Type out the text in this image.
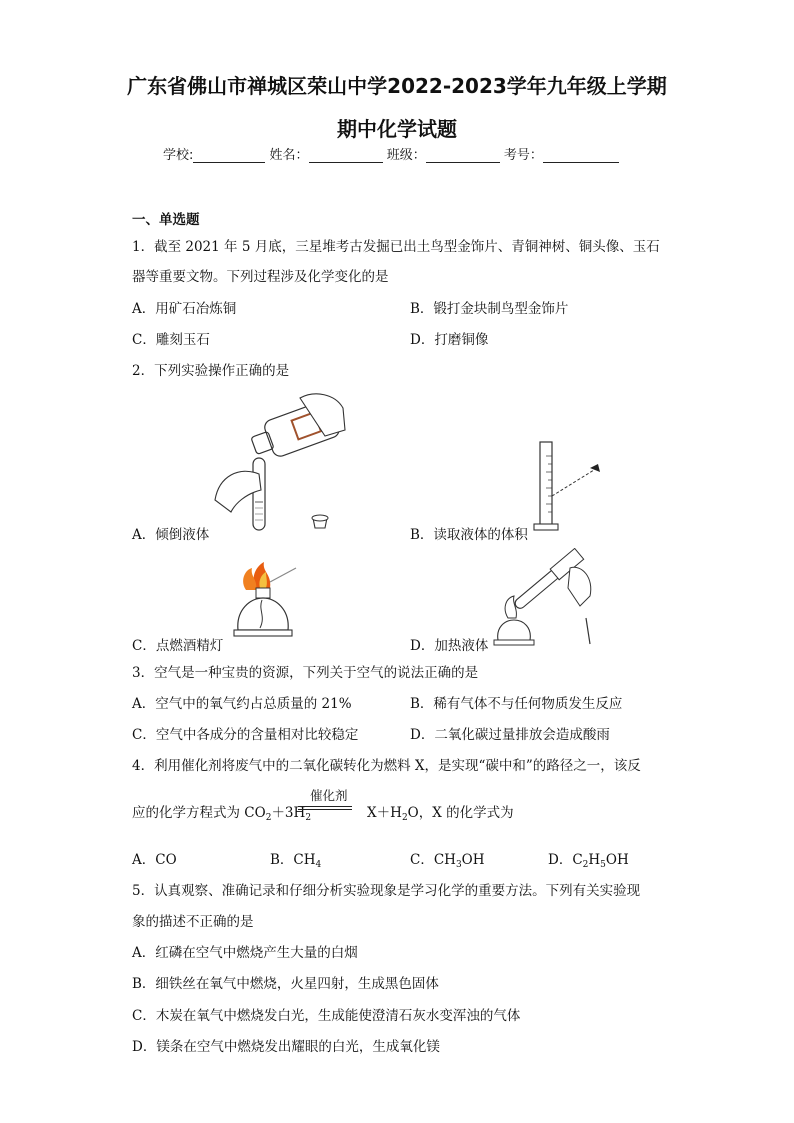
广东省佛山市禅城区荣山中学2022-2023学年九年级上学期
期中化学试题
学校:	姓名：	班级：	考号：
一、单选题
1．截至 2021 年 5 月底，三星堆考古发掘已出土鸟型金饰片、青铜神树、铜头像、玉石
器等重要文物。下列过程涉及化学变化的是
A．用矿石冶炼铜	B．锻打金块制鸟型金饰片
C．雕刻玉石	D．打磨铜像
2．下列实验操作正确的是
A．倾倒液体	B．读取液体的体积
C．点燃酒精灯	D．加热液体
3．空气是一种宝贵的资源，下列关于空气的说法正确的是
A．空气中的氧气约占总质量的 21%	B．稀有气体不与任何物质发生反应
C．空气中各成分的含量相对比较稳定	D．二氧化碳过量排放会造成酸雨
4．利用催化剂将废气中的二氧化碳转化为燃料 X，是实现“碳中和”的路径之一，该反
应的化学方程式为 $CO_2+3H_2$	$X+H_2O$，X 的化学式为
催化剂
A．CO	B．$CH_4$	C．$CH_3OH$	D．$C_2H_5OH$
5．认真观察、准确记录和仔细分析实验现象是学习化学的重要方法。下列有关实验现
象的描述不正确的是
A．红磷在空气中燃烧产生大量的白烟
B．细铁丝在氧气中燃烧，火星四射，生成黑色固体
C．木炭在氧气中燃烧发白光，生成能使澄清石灰水变浑浊的气体
D．镁条在空气中燃烧发出耀眼的白光，生成氧化镁
